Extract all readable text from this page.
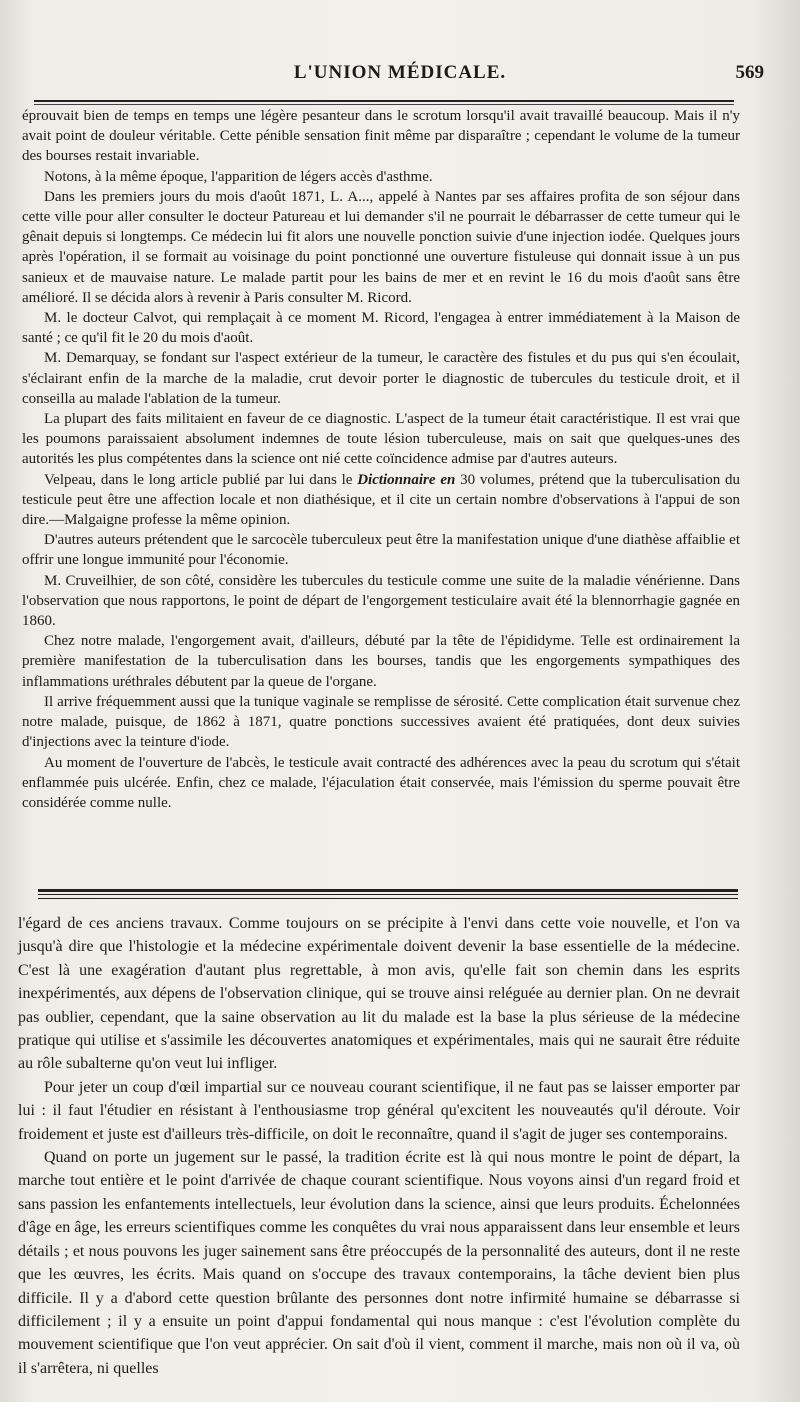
L'UNION MÉDICALE.	569

éprouvait bien de temps en temps une légère pesanteur dans le scrotum lorsqu'il avait travaillé beaucoup. Mais il n'y avait point de douleur véritable. Cette pénible sensation finit même par disparaître ; cependant le volume de la tumeur des bourses restait invariable.

Notons, à la même époque, l'apparition de légers accès d'asthme.

Dans les premiers jours du mois d'août 1871, L. A..., appelé à Nantes par ses affaires profita de son séjour dans cette ville pour aller consulter le docteur Patureau et lui demander s'il ne pourrait le débarrasser de cette tumeur qui le gênait depuis si longtemps. Ce médecin lui fit alors une nouvelle ponction suivie d'une injection iodée. Quelques jours après l'opération, il se formait au voisinage du point ponctionné une ouverture fistuleuse qui donnait issue à un pus sanieux et de mauvaise nature. Le malade partit pour les bains de mer et en revint le 16 du mois d'août sans être amélioré. Il se décida alors à revenir à Paris consulter M. Ricord.

M. le docteur Calvot, qui remplaçait à ce moment M. Ricord, l'engagea à entrer immédiatement à la Maison de santé ; ce qu'il fit le 20 du mois d'août.

M. Demarquay, se fondant sur l'aspect extérieur de la tumeur, le caractère des fistules et du pus qui s'en écoulait, s'éclairant enfin de la marche de la maladie, crut devoir porter le diagnostic de tubercules du testicule droit, et il conseilla au malade l'ablation de la tumeur.

La plupart des faits militaient en faveur de ce diagnostic. L'aspect de la tumeur était caractéristique. Il est vrai que les poumons paraissaient absolument indemnes de toute lésion tuberculeuse, mais on sait que quelques-unes des autorités les plus compétentes dans la science ont nié cette coïncidence admise par d'autres auteurs.

Velpeau, dans le long article publié par lui dans le Dictionnaire en 30 volumes, prétend que la tuberculisation du testicule peut être une affection locale et non diathésique, et il cite un certain nombre d'observations à l'appui de son dire.—Malgaigne professe la même opinion.

D'autres auteurs prétendent que le sarcocèle tuberculeux peut être la manifestation unique d'une diathèse affaiblie et offrir une longue immunité pour l'économie.

M. Cruveilhier, de son côté, considère les tubercules du testicule comme une suite de la maladie vénérienne. Dans l'observation que nous rapportons, le point de départ de l'engorgement testiculaire avait été la blennorrhagie gagnée en 1860.

Chez notre malade, l'engorgement avait, d'ailleurs, débuté par la tête de l'épididyme. Telle est ordinairement la première manifestation de la tuberculisation dans les bourses, tandis que les engorgements sympathiques des inflammations uréthrales débutent par la queue de l'organe.

Il arrive fréquemment aussi que la tunique vaginale se remplisse de sérosité. Cette complication était survenue chez notre malade, puisque, de 1862 à 1871, quatre ponctions successives avaient été pratiquées, dont deux suivies d'injections avec la teinture d'iode.

Au moment de l'ouverture de l'abcès, le testicule avait contracté des adhérences avec la peau du scrotum qui s'était enflammée puis ulcérée. Enfin, chez ce malade, l'éjaculation était conservée, mais l'émission du sperme pouvait être considérée comme nulle.

l'égard de ces anciens travaux. Comme toujours on se précipite à l'envi dans cette voie nouvelle, et l'on va jusqu'à dire que l'histologie et la médecine expérimentale doivent devenir la base essentielle de la médecine. C'est là une exagération d'autant plus regrettable, à mon avis, qu'elle fait son chemin dans les esprits inexpérimentés, aux dépens de l'observation clinique, qui se trouve ainsi reléguée au dernier plan. On ne devrait pas oublier, cependant, que la saine observation au lit du malade est la base la plus sérieuse de la médecine pratique qui utilise et s'assimile les découvertes anatomiques et expérimentales, mais qui ne saurait être réduite au rôle subalterne qu'on veut lui infliger.

Pour jeter un coup d'œil impartial sur ce nouveau courant scientifique, il ne faut pas se laisser emporter par lui : il faut l'étudier en résistant à l'enthousiasme trop général qu'excitent les nouveautés qu'il déroute. Voir froidement et juste est d'ailleurs très-difficile, on doit le reconnaître, quand il s'agit de juger ses contemporains.

Quand on porte un jugement sur le passé, la tradition écrite est là qui nous montre le point de départ, la marche tout entière et le point d'arrivée de chaque courant scientifique. Nous voyons ainsi d'un regard froid et sans passion les enfantements intellectuels, leur évolution dans la science, ainsi que leurs produits. Échelonnées d'âge en âge, les erreurs scientifiques comme les conquêtes du vrai nous apparaissent dans leur ensemble et leurs détails ; et nous pouvons les juger sainement sans être préoccupés de la personnalité des auteurs, dont il ne reste que les œuvres, les écrits. Mais quand on s'occupe des travaux contemporains, la tâche devient bien plus difficile. Il y a d'abord cette question brûlante des personnes dont notre infirmité humaine se débarrasse si difficilement ; il y a ensuite un point d'appui fondamental qui nous manque : c'est l'évolution complète du mouvement scientifique que l'on veut apprécier. On sait d'où il vient, comment il marche, mais non où il va, où il s'arrêtera, ni quelles
